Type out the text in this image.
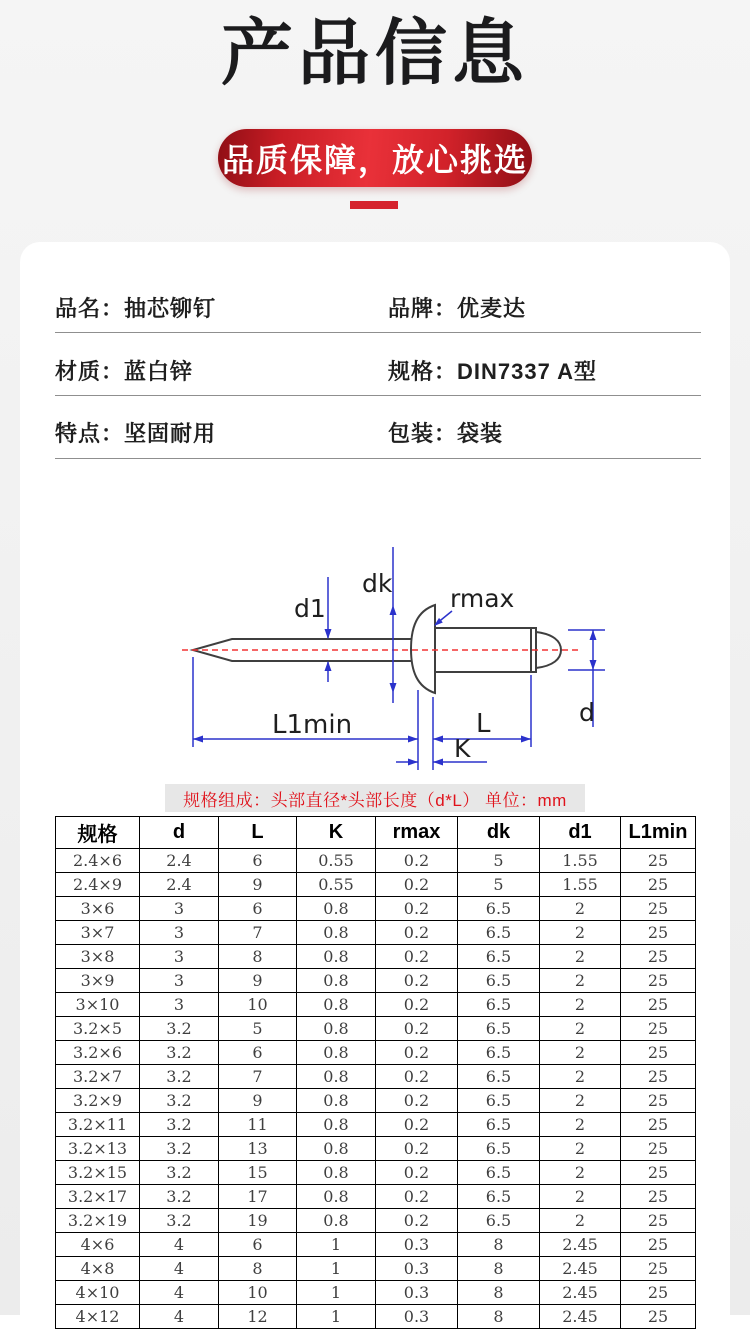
产品信息
品质保障，放心挑选
品名：抽芯铆钉	品牌：优麦达
材质：蓝白锌	规格：DIN7337 A型
特点：坚固耐用	包装：袋装
dk
d1	rmax
L1min	L
K
d
规格组成：头部直径*头部长度（d*L） 单位：mm
规格	d	L	K	rmax	dk	d1	L1min
2.4×6	2.4	6	0.55	0.2	5	1.55	25
2.4×9	2.4	9	0.55	0.2	5	1.55	25
3×6	3	6	0.8	0.2	6.5	2	25
3×7	3	7	0.8	0.2	6.5	2	25
3×8	3	8	0.8	0.2	6.5	2	25
3×9	3	9	0.8	0.2	6.5	2	25
3×10	3	10	0.8	0.2	6.5	2	25
3.2×5	3.2	5	0.8	0.2	6.5	2	25
3.2×6	3.2	6	0.8	0.2	6.5	2	25
3.2×7	3.2	7	0.8	0.2	6.5	2	25
3.2×9	3.2	9	0.8	0.2	6.5	2	25
3.2×11	3.2	11	0.8	0.2	6.5	2	25
3.2×13	3.2	13	0.8	0.2	6.5	2	25
3.2×15	3.2	15	0.8	0.2	6.5	2	25
3.2×17	3.2	17	0.8	0.2	6.5	2	25
3.2×19	3.2	19	0.8	0.2	6.5	2	25
4×6	4	6	1	0.3	8	2.45	25
4×8	4	8	1	0.3	8	2.45	25
4×10	4	10	1	0.3	8	2.45	25
4×12	4	12	1	0.3	8	2.45	25
